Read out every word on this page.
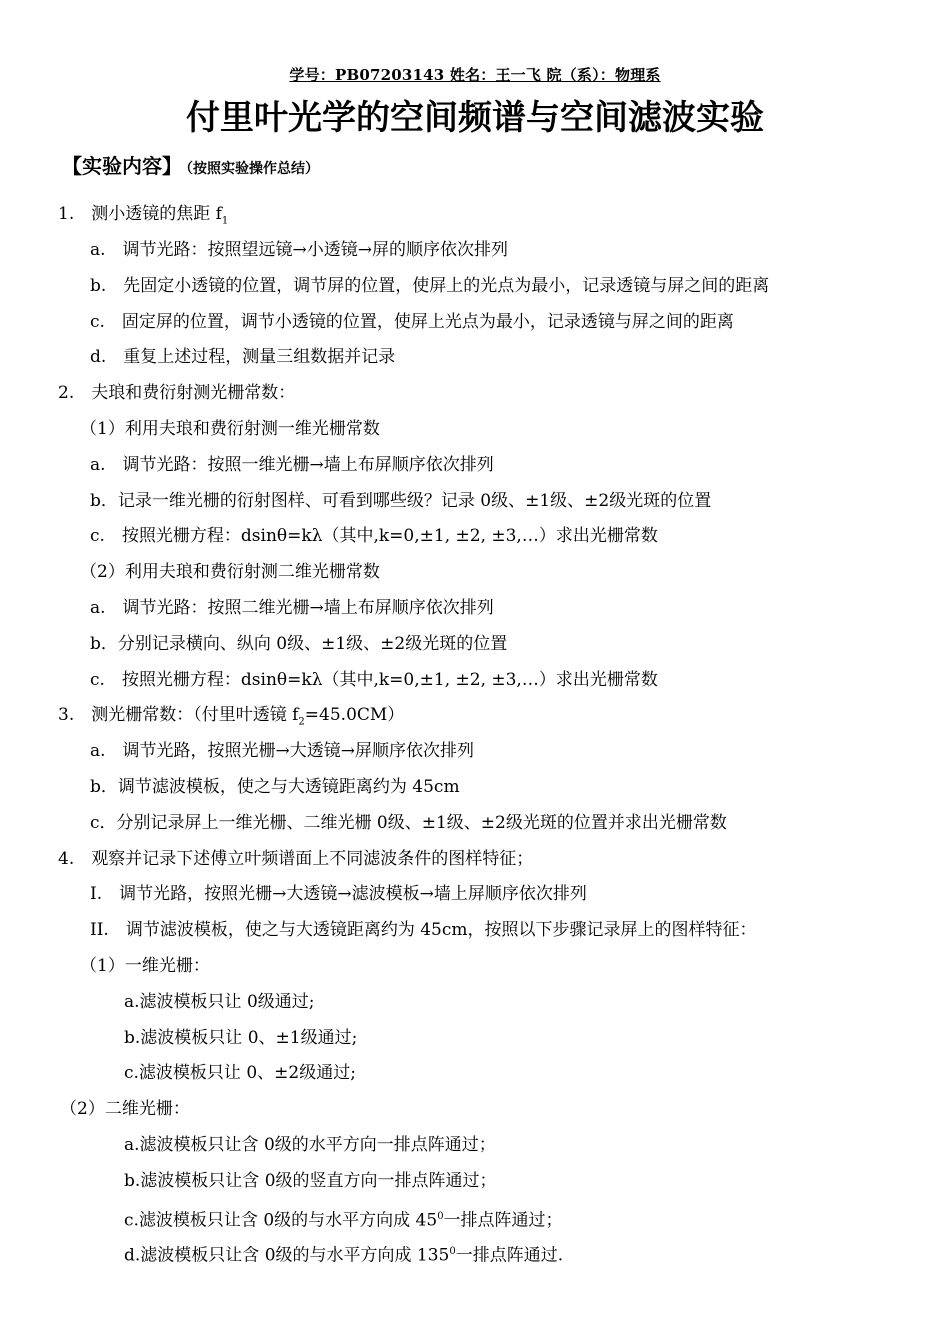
学号：PB07203143 姓名：王一飞 院（系）：物理系
付里叶光学的空间频谱与空间滤波实验
【实验内容】 （按照实验操作总结）
1.　测小透镜的焦距 $f_1$
a.　调节光路：按照望远镜→小透镜→屏的顺序依次排列
b.　先固定小透镜的位置，调节屏的位置，使屏上的光点为最小，记录透镜与屏之间的距离
c.　固定屏的位置，调节小透镜的位置，使屏上光点为最小，记录透镜与屏之间的距离
d.　重复上述过程，测量三组数据并记录
2.　夫琅和费衍射测光栅常数：
（1）利用夫琅和费衍射测一维光栅常数
a.　调节光路：按照一维光栅→墙上布屏顺序依次排列
b．记录一维光栅的衍射图样、可看到哪些级？记录 0级、±1级、±2级光斑的位置
c.　按照光栅方程：dsinθ=kλ（其中,k=0,±1, ±2, ±3,…）求出光栅常数
（2）利用夫琅和费衍射测二维光栅常数
a.　调节光路：按照二维光栅→墙上布屏顺序依次排列
b．分别记录横向、纵向 0级、±1级、±2级光斑的位置
c.　按照光栅方程：dsinθ=kλ（其中,k=0,±1, ±2, ±3,…）求出光栅常数
3.　测光栅常数：（付里叶透镜 $f_2=45.0CM$）
a.　调节光路，按照光栅→大透镜→屏顺序依次排列
b．调节滤波模板，使之与大透镜距离约为 45cm
c．分别记录屏上一维光栅、二维光栅 0级、±1级、±2级光斑的位置并求出光栅常数
4.　观察并记录下述傅立叶频谱面上不同滤波条件的图样特征；
I.　调节光路，按照光栅→大透镜→滤波模板→墙上屏顺序依次排列
II.　调节滤波模板，使之与大透镜距离约为 45cm，按照以下步骤记录屏上的图样特征：
（1）一维光栅：
a.滤波模板只让 0级通过;
b.滤波模板只让 0、±1级通过;
c.滤波模板只让 0、±2级通过;
（2）二维光栅：
a.滤波模板只让含 0级的水平方向一排点阵通过；
b.滤波模板只让含 0级的竖直方向一排点阵通过；
c.滤波模板只让含 0级的与水平方向成 $45^0$一排点阵通过；
d.滤波模板只让含 0级的与水平方向成 $135^0$一排点阵通过.
